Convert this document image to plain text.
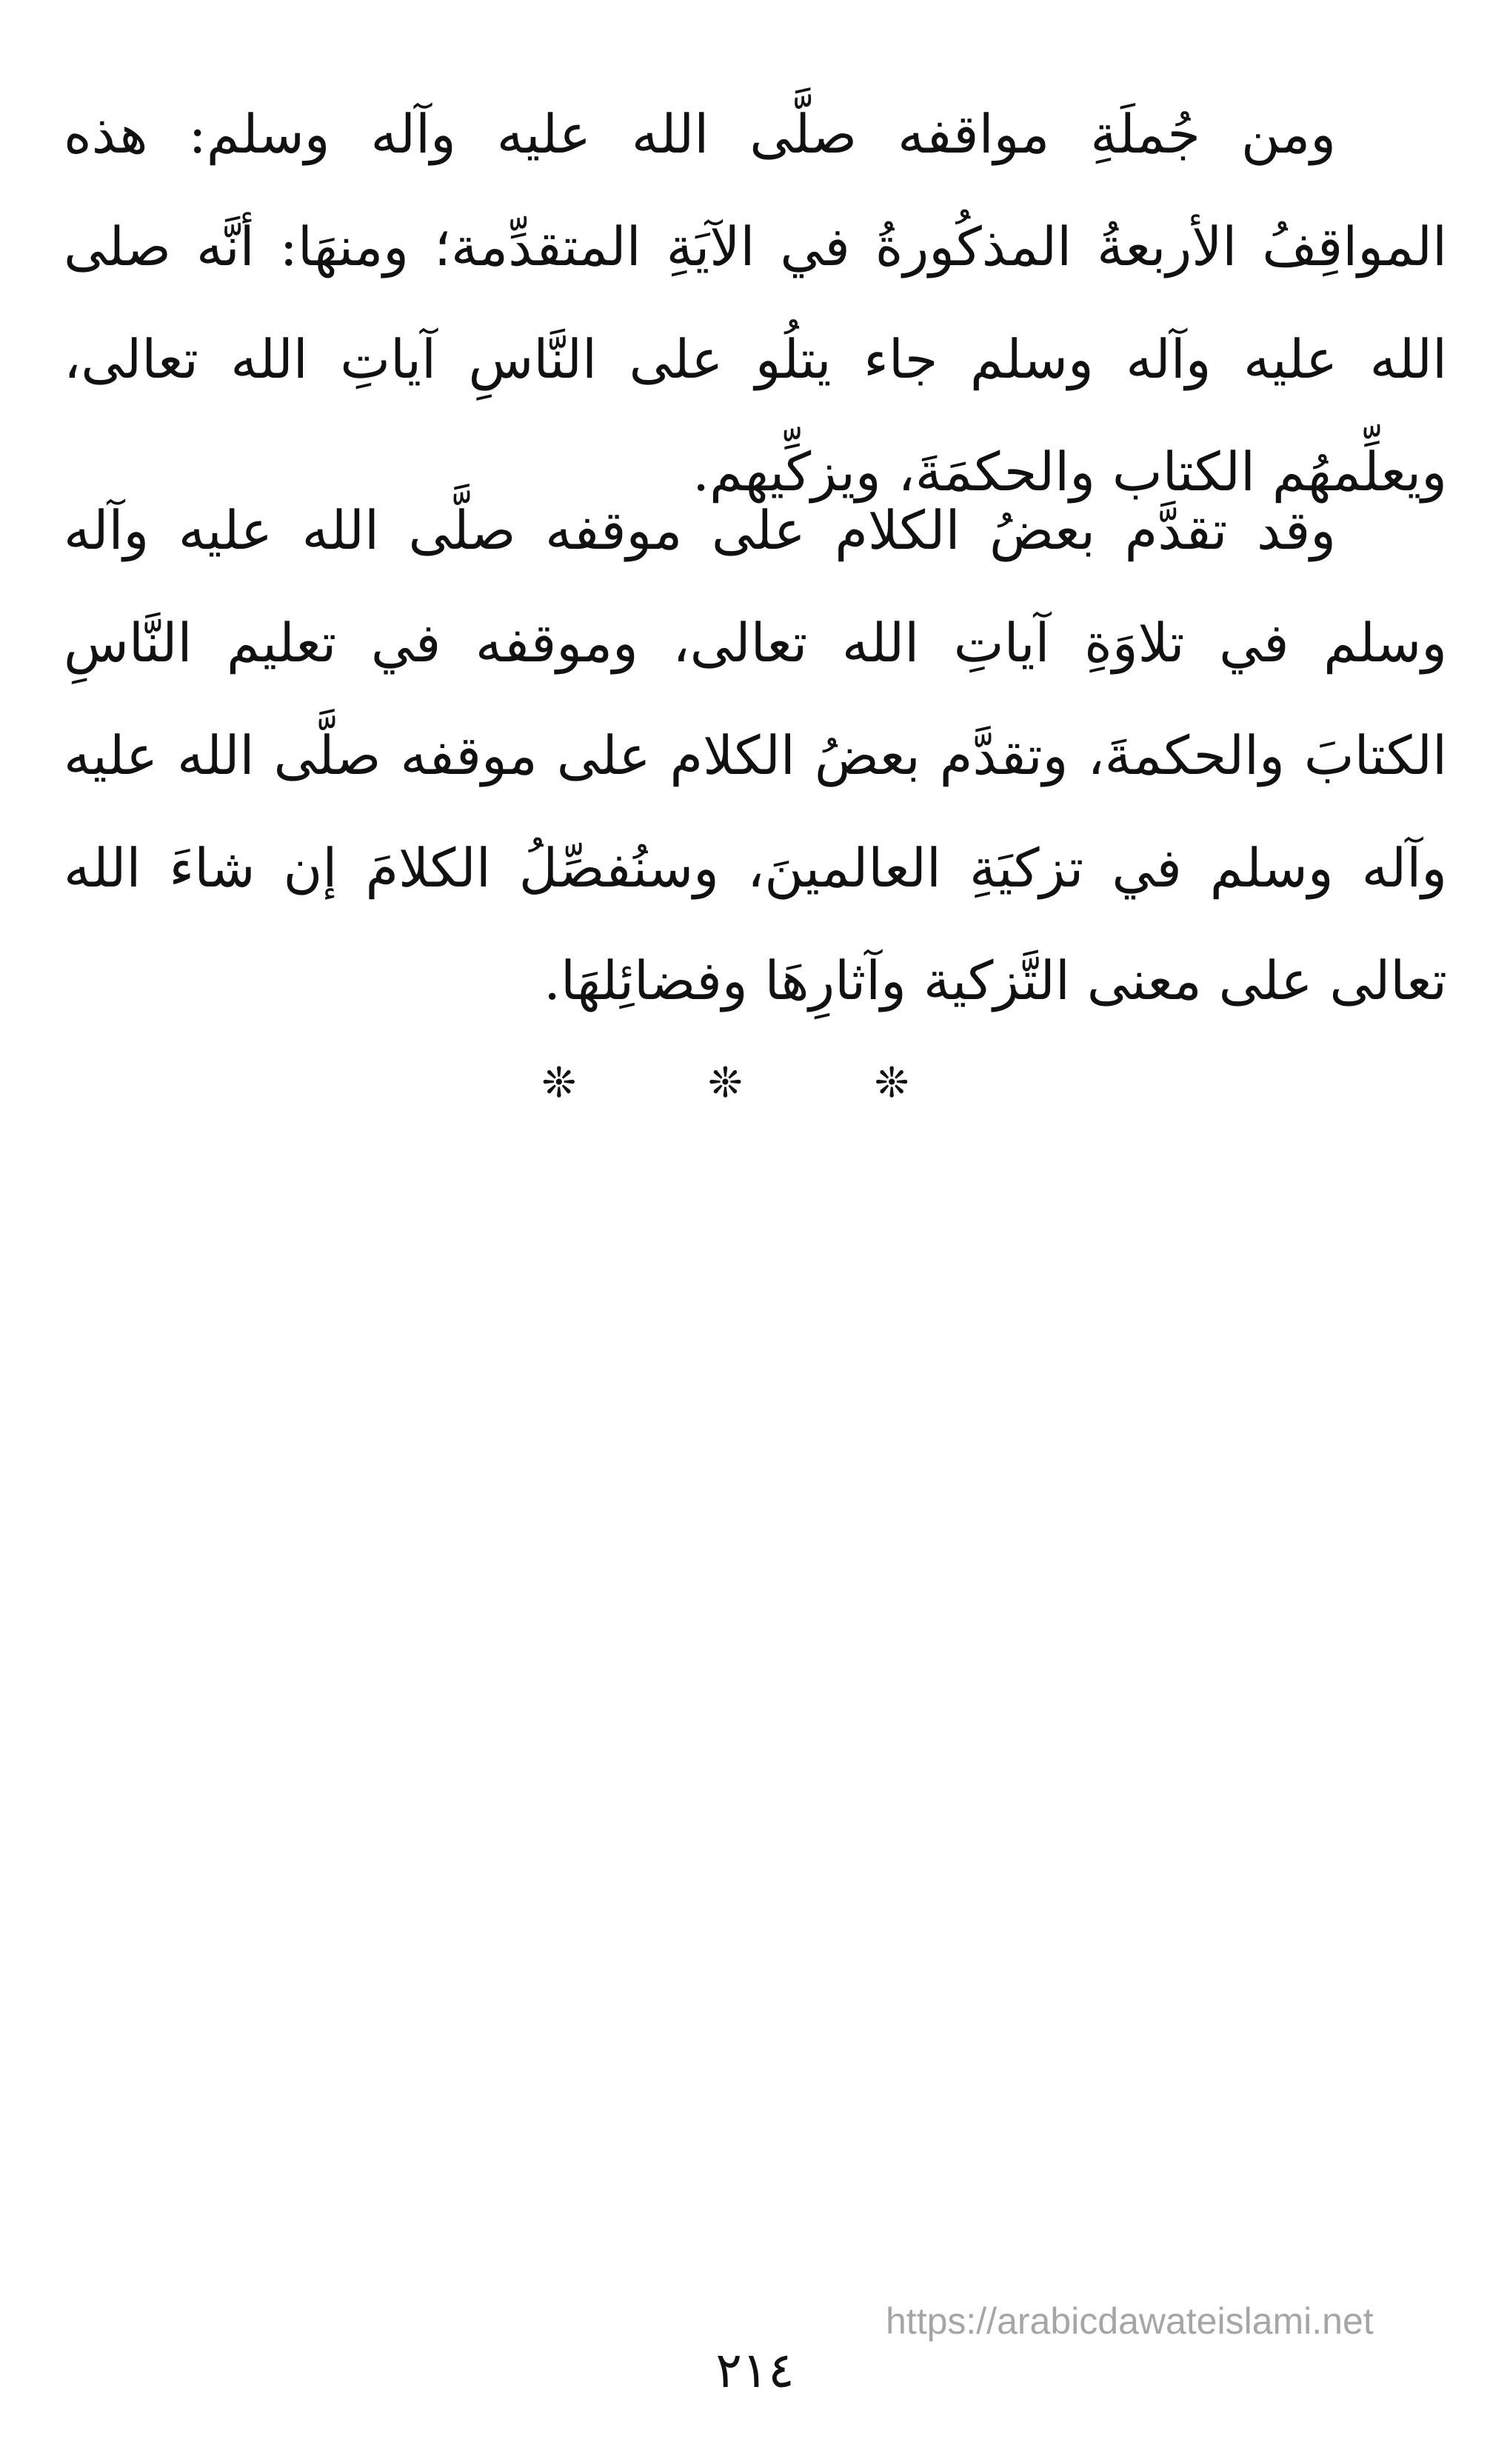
ومن جُملَةِ مواقفه صلَّى الله عليه وآله وسلم: هذه المواقِفُ الأربعةُ المذكُورةُ في الآيَةِ المتقدِّمة؛ ومنهَا: أنَّه صلى الله عليه وآله وسلم جاء يتلُو على النَّاسِ آياتِ الله تعالى، ويعلِّمهُم الكتاب والحكمَةَ، ويزكِّيهم.

وقد تقدَّم بعضُ الكلام على موقفه صلَّى الله عليه وآله وسلم في تلاوَةِ آياتِ الله تعالى، وموقفه في تعليم النَّاسِ الكتابَ والحكمةَ، وتقدَّم بعضُ الكلام على موقفه صلَّى الله عليه وآله وسلم في تزكيَةِ العالمينَ، وسنُفصِّلُ الكلامَ إن شاءَ الله تعالى على معنى التَّزكية وآثارِهَا وفضائِلهَا.

❊ ❊ ❊
https://arabicdawateislami.net
٢١٤
